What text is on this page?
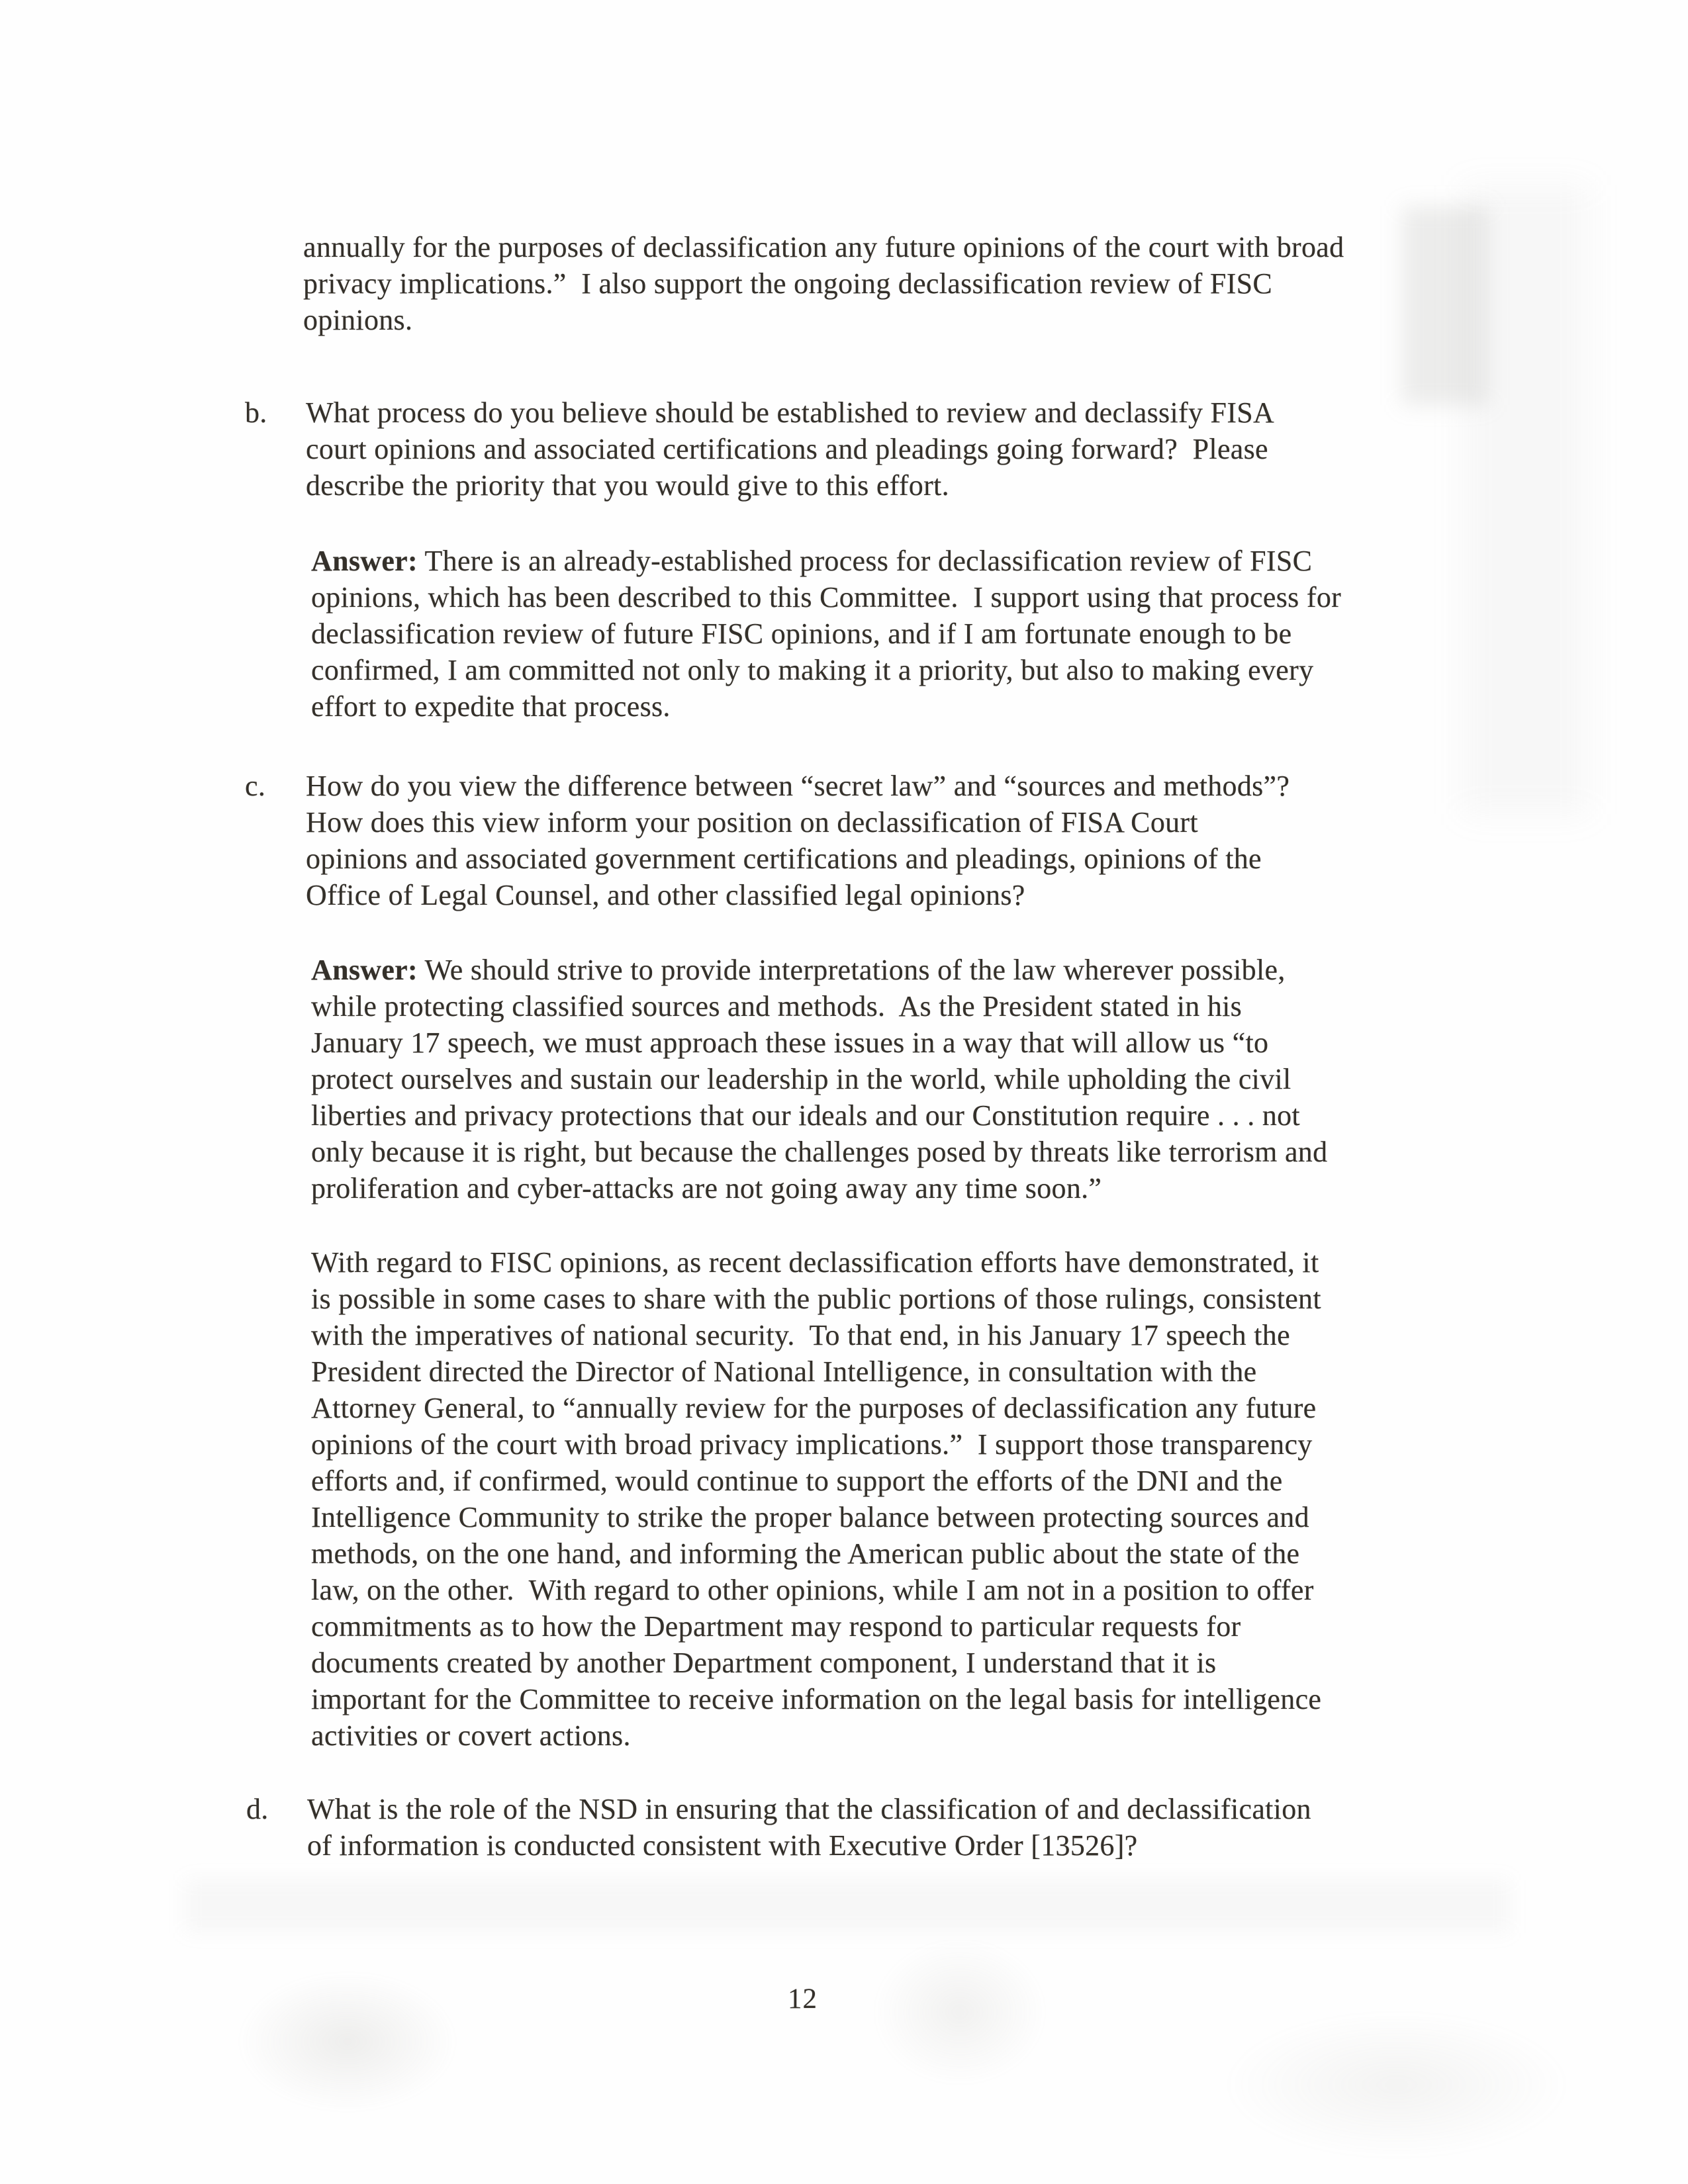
annually for the purposes of declassification any future opinions of the court with broad
privacy implications.”  I also support the ongoing declassification review of FISC
opinions.
b. What process do you believe should be established to review and declassify FISA
court opinions and associated certifications and pleadings going forward?  Please
describe the priority that you would give to this effort.
Answer: There is an already-established process for declassification review of FISC
opinions, which has been described to this Committee.  I support using that process for
declassification review of future FISC opinions, and if I am fortunate enough to be
confirmed, I am committed not only to making it a priority, but also to making every
effort to expedite that process.
c. How do you view the difference between “secret law” and “sources and methods”?
How does this view inform your position on declassification of FISA Court
opinions and associated government certifications and pleadings, opinions of the
Office of Legal Counsel, and other classified legal opinions?
Answer: We should strive to provide interpretations of the law wherever possible,
while protecting classified sources and methods.  As the President stated in his
January 17 speech, we must approach these issues in a way that will allow us “to
protect ourselves and sustain our leadership in the world, while upholding the civil
liberties and privacy protections that our ideals and our Constitution require . . . not
only because it is right, but because the challenges posed by threats like terrorism and
proliferation and cyber-attacks are not going away any time soon.”
With regard to FISC opinions, as recent declassification efforts have demonstrated, it
is possible in some cases to share with the public portions of those rulings, consistent
with the imperatives of national security.  To that end, in his January 17 speech the
President directed the Director of National Intelligence, in consultation with the
Attorney General, to “annually review for the purposes of declassification any future
opinions of the court with broad privacy implications.”  I support those transparency
efforts and, if confirmed, would continue to support the efforts of the DNI and the
Intelligence Community to strike the proper balance between protecting sources and
methods, on the one hand, and informing the American public about the state of the
law, on the other.  With regard to other opinions, while I am not in a position to offer
commitments as to how the Department may respond to particular requests for
documents created by another Department component, I understand that it is
important for the Committee to receive information on the legal basis for intelligence
activities or covert actions.
d. What is the role of the NSD in ensuring that the classification of and declassification
of information is conducted consistent with Executive Order [13526]?
12
